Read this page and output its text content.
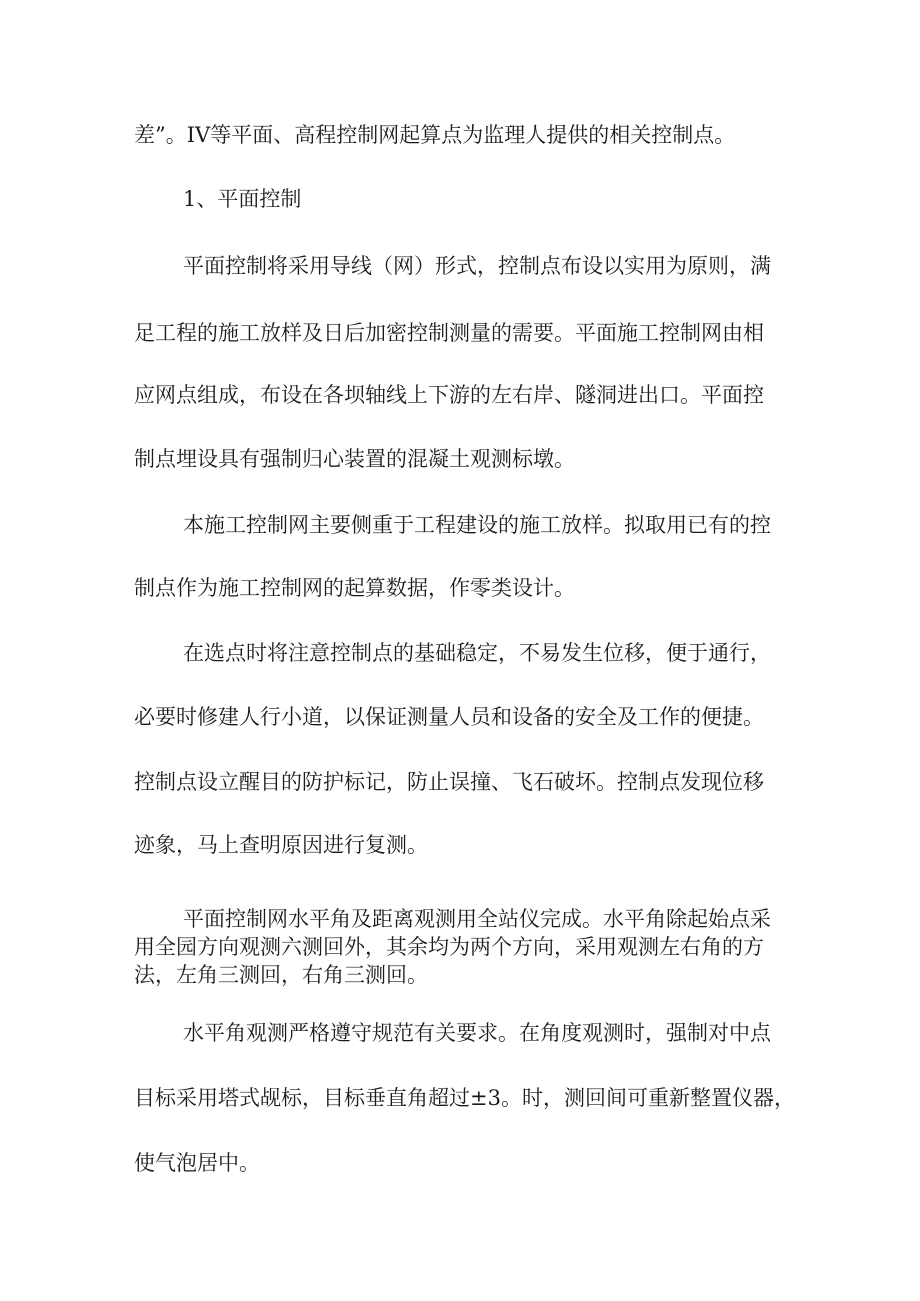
差”。IV等平面、高程控制网起算点为监理人提供的相关控制点。
1、平面控制
平面控制将采用导线（网）形式，控制点布设以实用为原则，满
足工程的施工放样及日后加密控制测量的需要。平面施工控制网由相
应网点组成，布设在各坝轴线上下游的左右岸、隧洞进出口。平面控
制点埋设具有强制归心装置的混凝土观测标墩。
本施工控制网主要侧重于工程建设的施工放样。拟取用已有的控
制点作为施工控制网的起算数据，作零类设计。
在选点时将注意控制点的基础稳定，不易发生位移，便于通行，
必要时修建人行小道，以保证测量人员和设备的安全及工作的便捷。
控制点设立醒目的防护标记，防止误撞、飞石破坏。控制点发现位移
迹象，马上查明原因进行复测。
平面控制网水平角及距离观测用全站仪完成。水平角除起始点采
用全园方向观测六测回外，其余均为两个方向，采用观测左右角的方
法，左角三测回，右角三测回。
水平角观测严格遵守规范有关要求。在角度观测时，强制对中点
目标采用塔式觇标，目标垂直角超过±3。时，测回间可重新整置仪器，
使气泡居中。
